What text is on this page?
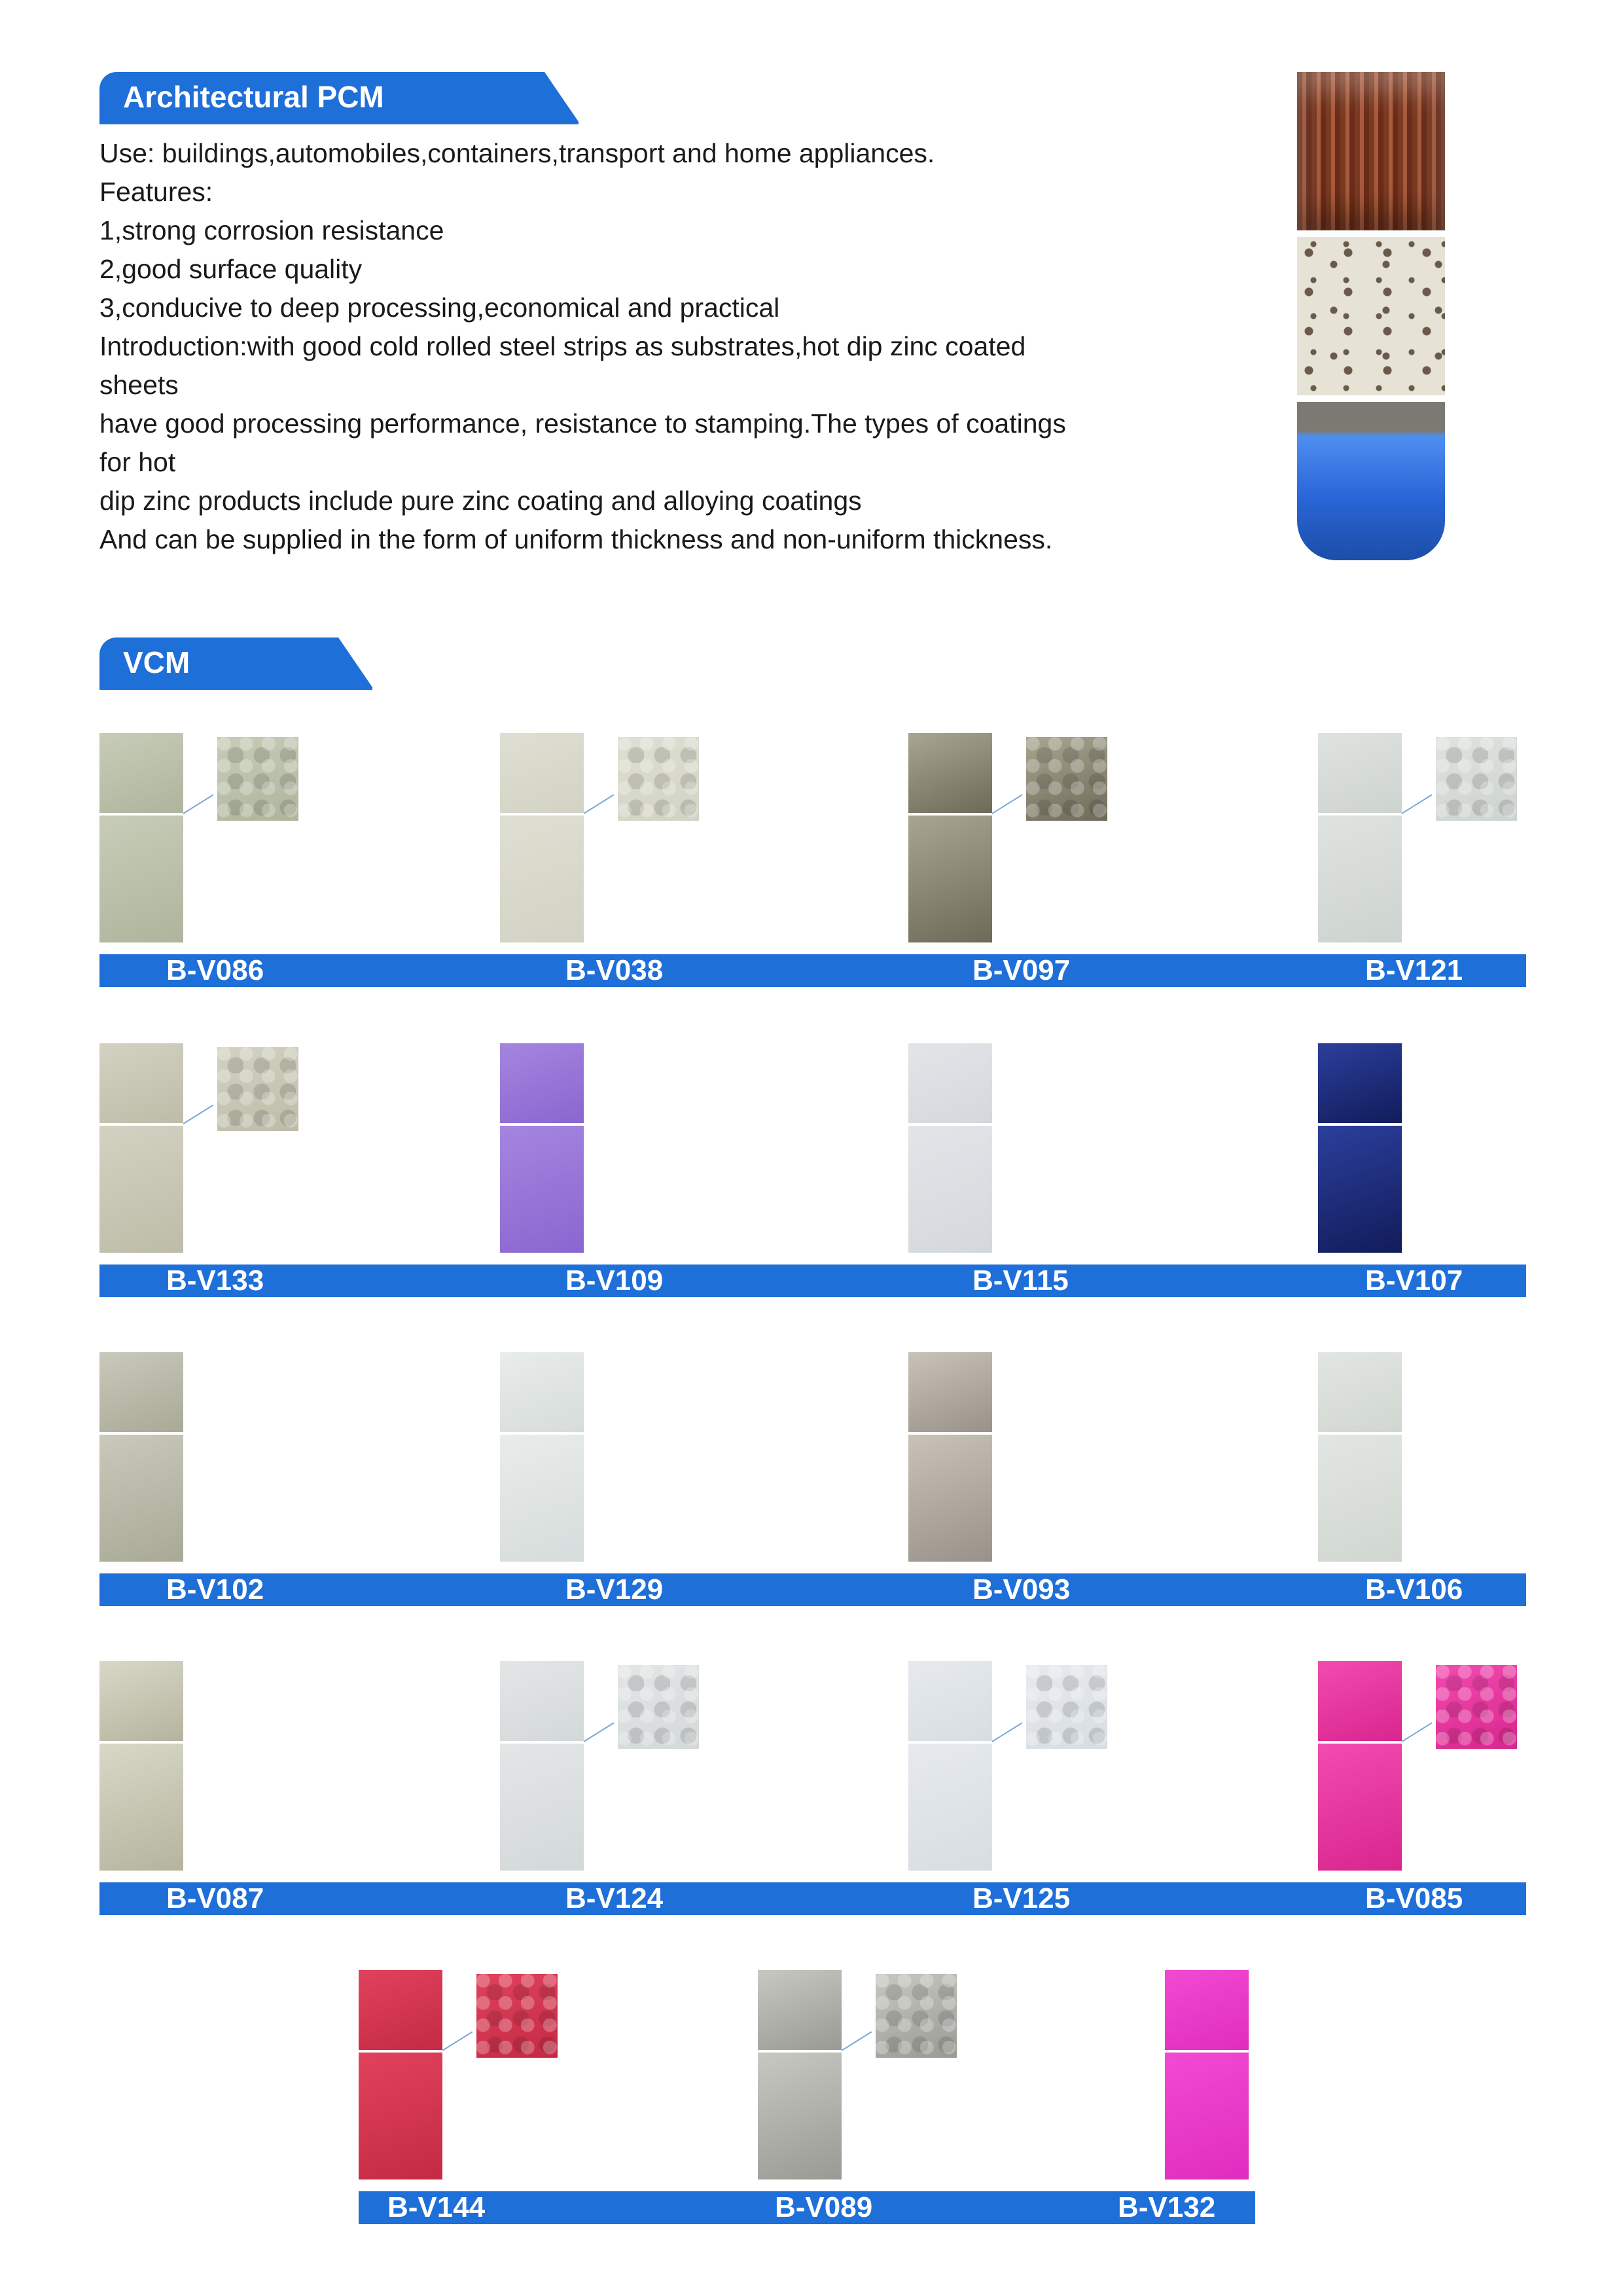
Architectural PCM

Use: buildings,automobiles,containers,transport and home appliances.

Features:

1,strong corrosion resistance

2,good surface quality

3,conducive to deep processing,economical and practical

Introduction:with good cold rolled steel strips as substrates,hot dip zinc coated sheets

have good processing performance, resistance to stamping.The types of coatings for hot

dip zinc products include pure zinc coating and alloying coatings

And can be supplied in the form of uniform thickness and non-uniform thickness.

VCM
B-V086	B-V038	B-V097	B-V121
B-V133	B-V109	B-V115	B-V107
B-V102	B-V129	B-V093	B-V106
B-V087	B-V124	B-V125	B-V085
B-V144	B-V089	B-V132
